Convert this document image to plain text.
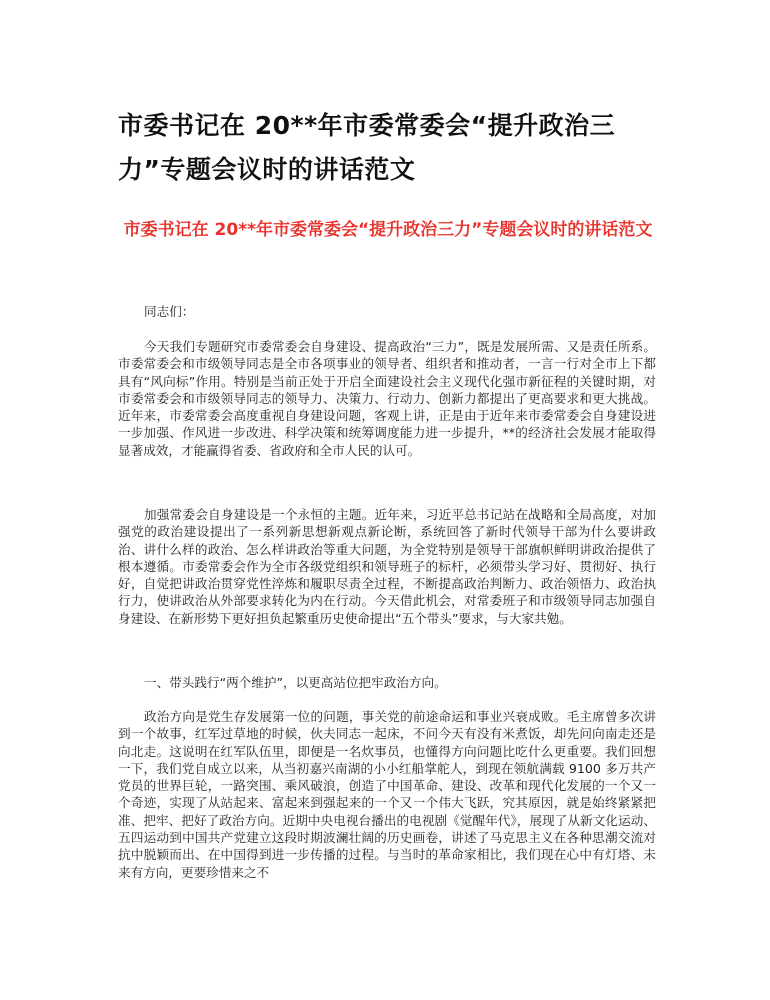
市委书记在 20**年市委常委会“提升政治三力”专题会议时的讲话范文
市委书记在 20**年市委常委会“提升政治三力”专题会议时的讲话范文

同志们：

今天我们专题研究市委常委会自身建设、提高政治“三力”，既是发展所需、又是责任所系。市委常委会和市级领导同志是全市各项事业的领导者、组织者和推动者，一言一行对全市上下都具有“风向标”作用。特别是当前正处于开启全面建设社会主义现代化强市新征程的关键时期，对市委常委会和市级领导同志的领导力、决策力、行动力、创新力都提出了更高要求和更大挑战。近年来，市委常委会高度重视自身建设问题，客观上讲，正是由于近年来市委常委会自身建设进一步加强、作风进一步改进、科学决策和统筹调度能力进一步提升，**的经济社会发展才能取得显著成效，才能赢得省委、省政府和全市人民的认可。

加强常委会自身建设是一个永恒的主题。近年来，习近平总书记站在战略和全局高度，对加强党的政治建设提出了一系列新思想新观点新论断，系统回答了新时代领导干部为什么要讲政治、讲什么样的政治、怎么样讲政治等重大问题，为全党特别是领导干部旗帜鲜明讲政治提供了根本遵循。市委常委会作为全市各级党组织和领导班子的标杆，必须带头学习好、贯彻好、执行好，自觉把讲政治贯穿党性淬炼和履职尽责全过程，不断提高政治判断力、政治领悟力、政治执行力，使讲政治从外部要求转化为内在行动。今天借此机会，对常委班子和市级领导同志加强自身建设、在新形势下更好担负起繁重历史使命提出“五个带头”要求，与大家共勉。

一、带头践行“两个维护”，以更高站位把牢政治方向。

政治方向是党生存发展第一位的问题，事关党的前途命运和事业兴衰成败。毛主席曾多次讲到一个故事，红军过草地的时候，伙夫同志一起床，不问今天有没有米煮饭，却先问向南走还是向北走。这说明在红军队伍里，即便是一名炊事员，也懂得方向问题比吃什么更重要。我们回想一下，我们党自成立以来，从当初嘉兴南湖的小小红船掌舵人，到现在领航满载 9100 多万共产党员的世界巨轮，一路突围、乘风破浪，创造了中国革命、建设、改革和现代化发展的一个又一个奇迹，实现了从站起来、富起来到强起来的一个又一个伟大飞跃，究其原因，就是始终紧紧把准、把牢、把好了政治方向。近期中央电视台播出的电视剧《觉醒年代》，展现了从新文化运动、五四运动到中国共产党建立这段时期波澜壮阔的历史画卷，讲述了马克思主义在各种思潮交流对抗中脱颖而出、在中国得到进一步传播的过程。与当时的革命家相比，我们现在心中有灯塔、未来有方向，更要珍惜来之不
